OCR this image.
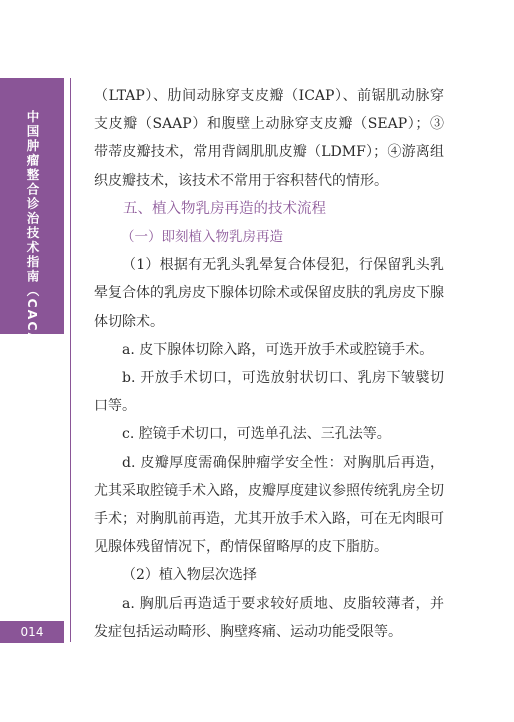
中国肿瘤整合诊治技术指南（CACA）
014

（LTAP）、肋间动脉穿支皮瓣（ICAP）、前锯肌动脉穿支皮瓣（SAAP）和腹壁上动脉穿支皮瓣（SEAP）；③带蒂皮瓣技术，常用背阔肌肌皮瓣（LDMF）；④游离组织皮瓣技术，该技术不常用于容积替代的情形。

五、植入物乳房再造的技术流程

（一）即刻植入物乳房再造

（1）根据有无乳头乳晕复合体侵犯，行保留乳头乳晕复合体的乳房皮下腺体切除术或保留皮肤的乳房皮下腺体切除术。

a. 皮下腺体切除入路，可选开放手术或腔镜手术。

b. 开放手术切口，可选放射状切口、乳房下皱襞切口等。

c. 腔镜手术切口，可选单孔法、三孔法等。

d. 皮瓣厚度需确保肿瘤学安全性：对胸肌后再造，尤其采取腔镜手术入路，皮瓣厚度建议参照传统乳房全切手术；对胸肌前再造，尤其开放手术入路，可在无肉眼可见腺体残留情况下，酌情保留略厚的皮下脂肪。

（2）植入物层次选择

a. 胸肌后再造适于要求较好质地、皮脂较薄者，并发症包括运动畸形、胸壁疼痛、运动功能受限等。
